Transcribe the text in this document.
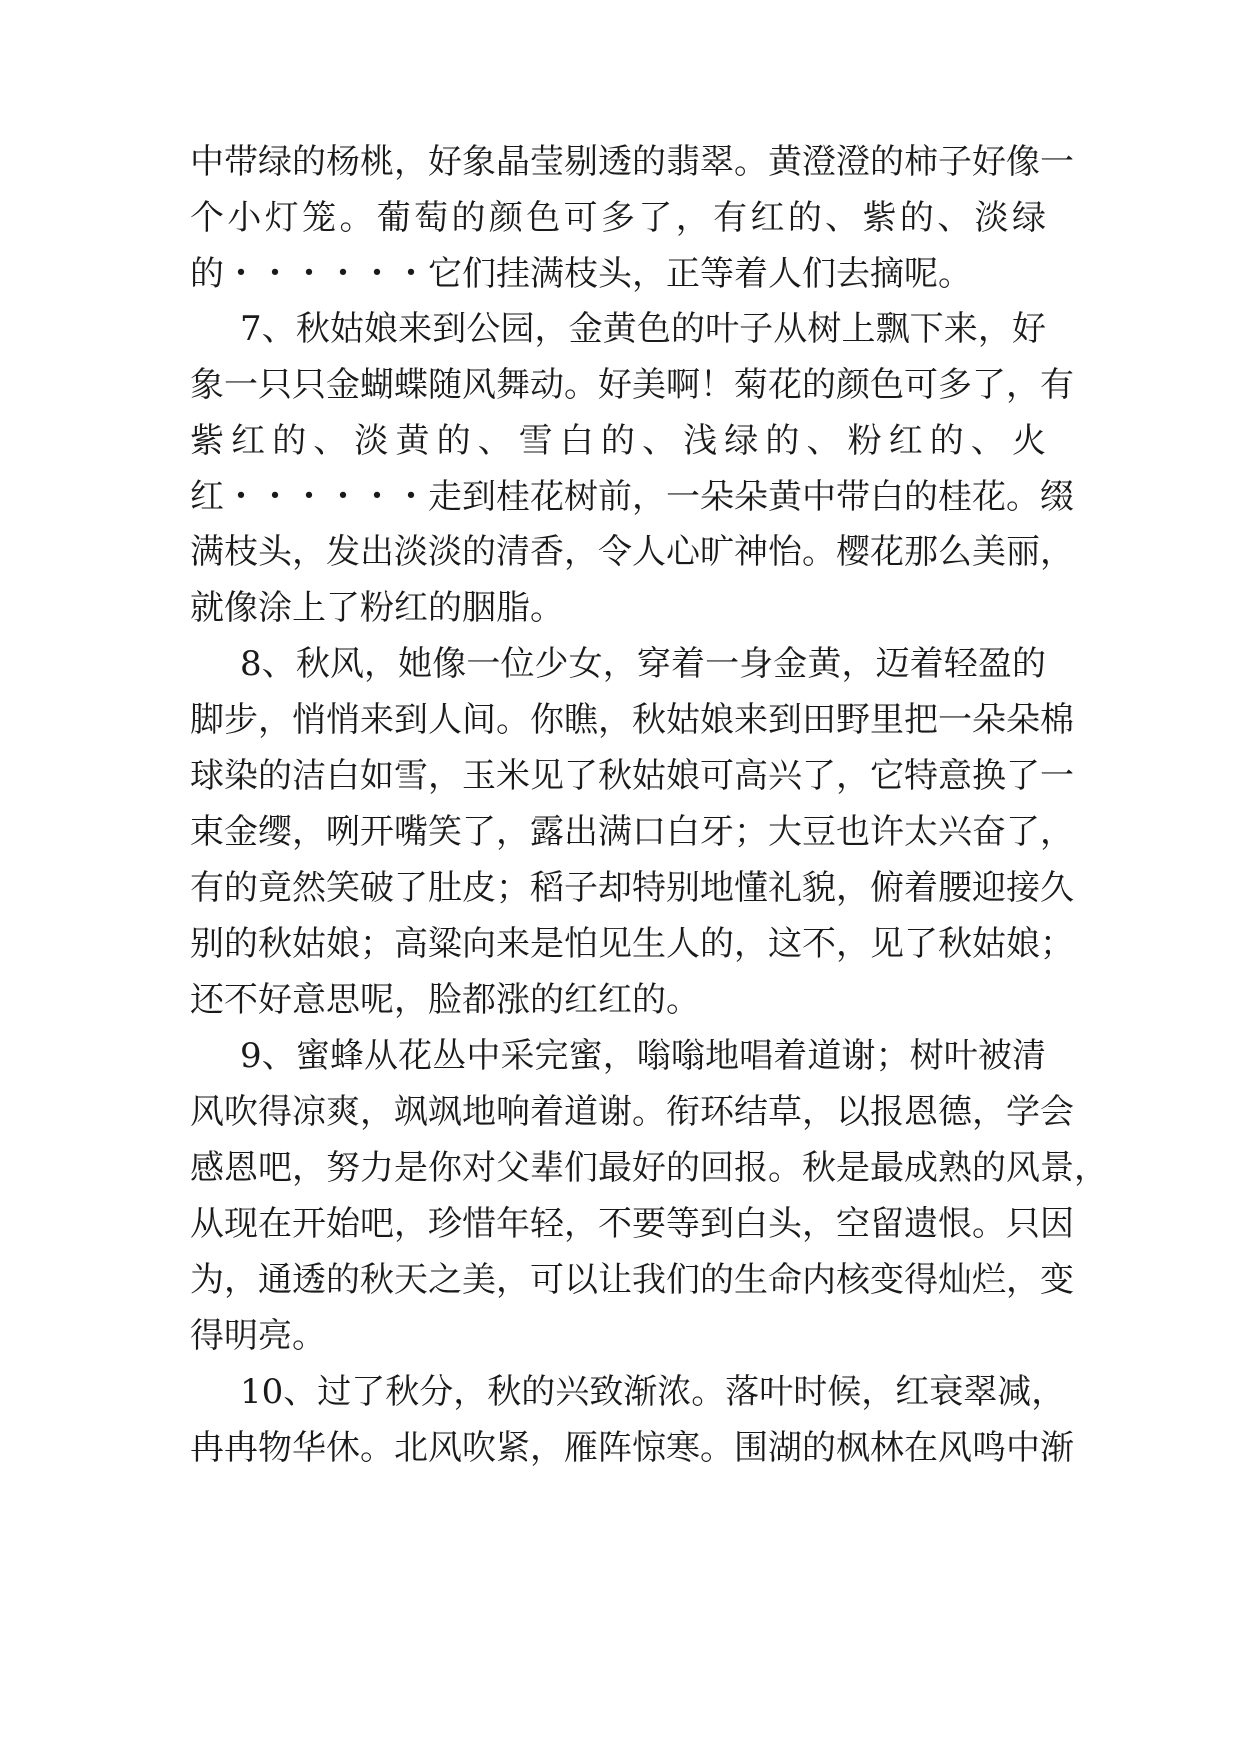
中带绿的杨桃，好象晶莹剔透的翡翠。黄澄澄的柿子好像一
个小灯笼。葡萄的颜色可多了，有红的、紫的、淡绿
的・・・・・・它们挂满枝头，正等着人们去摘呢。
7、秋姑娘来到公园，金黄色的叶子从树上飘下来，好
象一只只金蝴蝶随风舞动。好美啊！菊花的颜色可多了，有
紫红的、淡黄的、雪白的、浅绿的、粉红的、火
红・・・・・・走到桂花树前，一朵朵黄中带白的桂花。缀
满枝头，发出淡淡的清香，令人心旷神怡。樱花那么美丽，
就像涂上了粉红的胭脂。
8、秋风，她像一位少女，穿着一身金黄，迈着轻盈的
脚步，悄悄来到人间。你瞧，秋姑娘来到田野里把一朵朵棉
球染的洁白如雪，玉米见了秋姑娘可高兴了，它特意换了一
束金缨，咧开嘴笑了，露出满口白牙；大豆也许太兴奋了，
有的竟然笑破了肚皮；稻子却特别地懂礼貌，俯着腰迎接久
别的秋姑娘；高粱向来是怕见生人的，这不，见了秋姑娘；
还不好意思呢，脸都涨的红红的。
9、蜜蜂从花丛中采完蜜，嗡嗡地唱着道谢；树叶被清
风吹得凉爽，飒飒地响着道谢。衔环结草，以报恩德，学会
感恩吧，努力是你对父辈们最好的回报。秋是最成熟的风景，
从现在开始吧，珍惜年轻，不要等到白头，空留遗恨。只因
为，通透的秋天之美，可以让我们的生命内核变得灿烂，变
得明亮。
10、过了秋分，秋的兴致渐浓。落叶时候，红衰翠减，
冉冉物华休。北风吹紧，雁阵惊寒。围湖的枫林在风鸣中渐
